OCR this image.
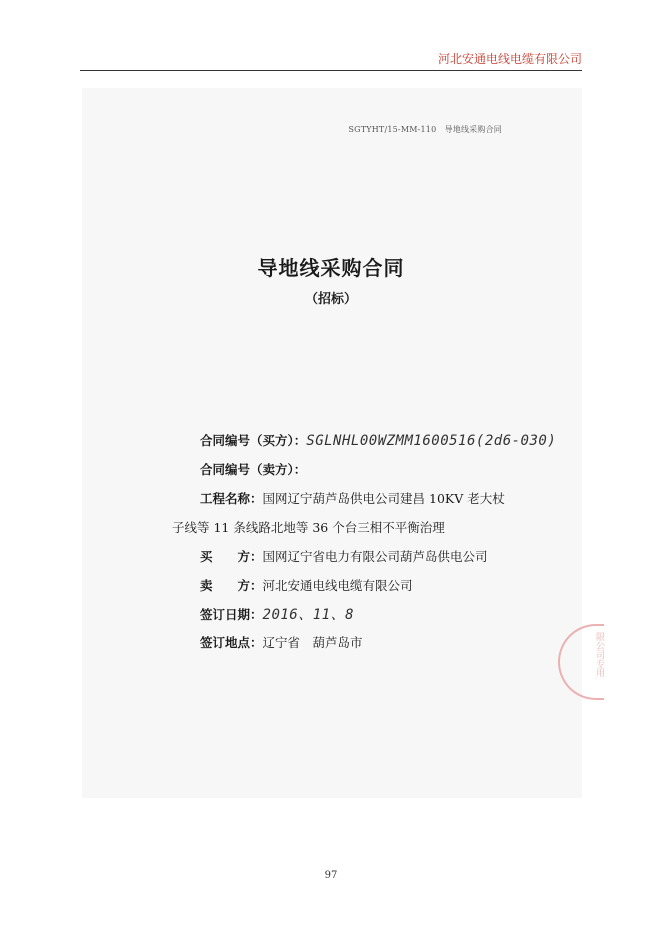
河北安通电线电缆有限公司
SGTYHT/15-MM-110　导地线采购合同
导地线采购合同
（招标）
合同编号（买方）：SGLNHL00WZMM1600516(2d6-030)
合同编号（卖方）：
工程名称：国网辽宁葫芦岛供电公司建昌 10KV 老大杖
子线等 11 条线路北地等 36 个台三相不平衡治理
买　　方：国网辽宁省电力有限公司葫芦岛供电公司
卖　　方：河北安通电线电缆有限公司
签订日期：2016、11、8
签订地点：辽宁省　葫芦岛市	限公司专用
97
